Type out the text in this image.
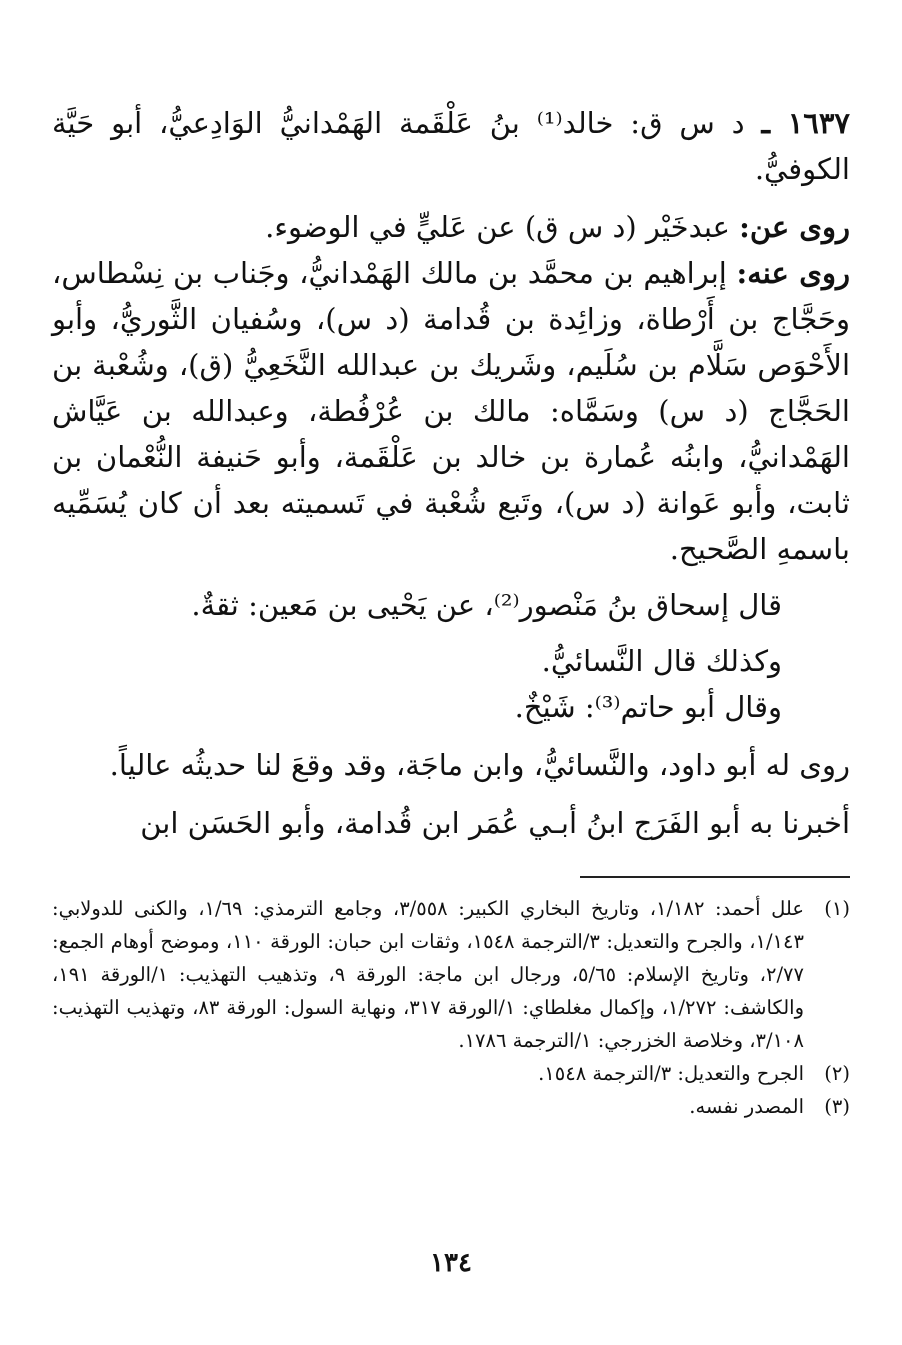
١٦٣٧ ـ د س ق: خالد⁽¹⁾ بنُ عَلْقَمة الهَمْدانيُّ الوَادِعيُّ، أبو حَيَّة الكوفيُّ.

روى عن: عبدخَيْر (د س ق) عن عَليٍّ في الوضوء.

روى عنه: إبراهيم بن محمَّد بن مالك الهَمْدانيُّ، وجَناب بن نِسْطاس، وحَجَّاج بن أَرْطاة، وزائِدة بن قُدامة (د س)، وسُفيان الثَّوريُّ، وأبو الأَحْوَص سَلَّام بن سُلَيم، وشَريك بن عبدالله النَّخَعِيُّ (ق)، وشُعْبة بن الحَجَّاج (د س) وسَمَّاه: مالك بن عُرْفُطة، وعبدالله بن عَيَّاش الهَمْدانيُّ، وابنُه عُمارة بن خالد بن عَلْقَمة، وأبو حَنيفة النُّعْمان بن ثابت، وأبو عَوانة (د س)، وتَبع شُعْبة في تَسميته بعد أن كان يُسَمِّيه باسمهِ الصَّحيح.

قال إسحاق بنُ مَنْصور⁽²⁾، عن يَحْيى بن مَعين: ثقةٌ.

وكذلك قال النَّسائيُّ.

وقال أبو حاتم⁽³⁾: شَيْخٌ.

روى له أبو داود، والنَّسائيُّ، وابن ماجَة، وقد وقعَ لنا حديثُه عالياً.

أخبرنا به أبو الفَرَج ابنُ أبـي عُمَر ابن قُدامة، وأبو الحَسَن ابن

(١)
علل أحمد: ١/١٨٢، وتاريخ البخاري الكبير: ٣/٥٥٨، وجامع الترمذي: ١/٦٩، والكنى للدولابي: ١/١٤٣، والجرح والتعديل: ٣/الترجمة ١٥٤٨، وثقات ابن حبان: الورقة ١١٠، وموضح أوهام الجمع: ٢/٧٧، وتاريخ الإسلام: ٥/٦٥، ورجال ابن ماجة: الورقة ٩، وتذهيب التهذيب: ١/الورقة ١٩١، والكاشف: ١/٢٧٢، وإكمال مغلطاي: ١/الورقة ٣١٧، ونهاية السول: الورقة ٨٣، وتهذيب التهذيب: ٣/١٠٨، وخلاصة الخزرجي: ١/الترجمة ١٧٨٦.

(٢)
الجرح والتعديل: ٣/الترجمة ١٥٤٨.

(٣)
المصدر نفسه.

١٣٤
